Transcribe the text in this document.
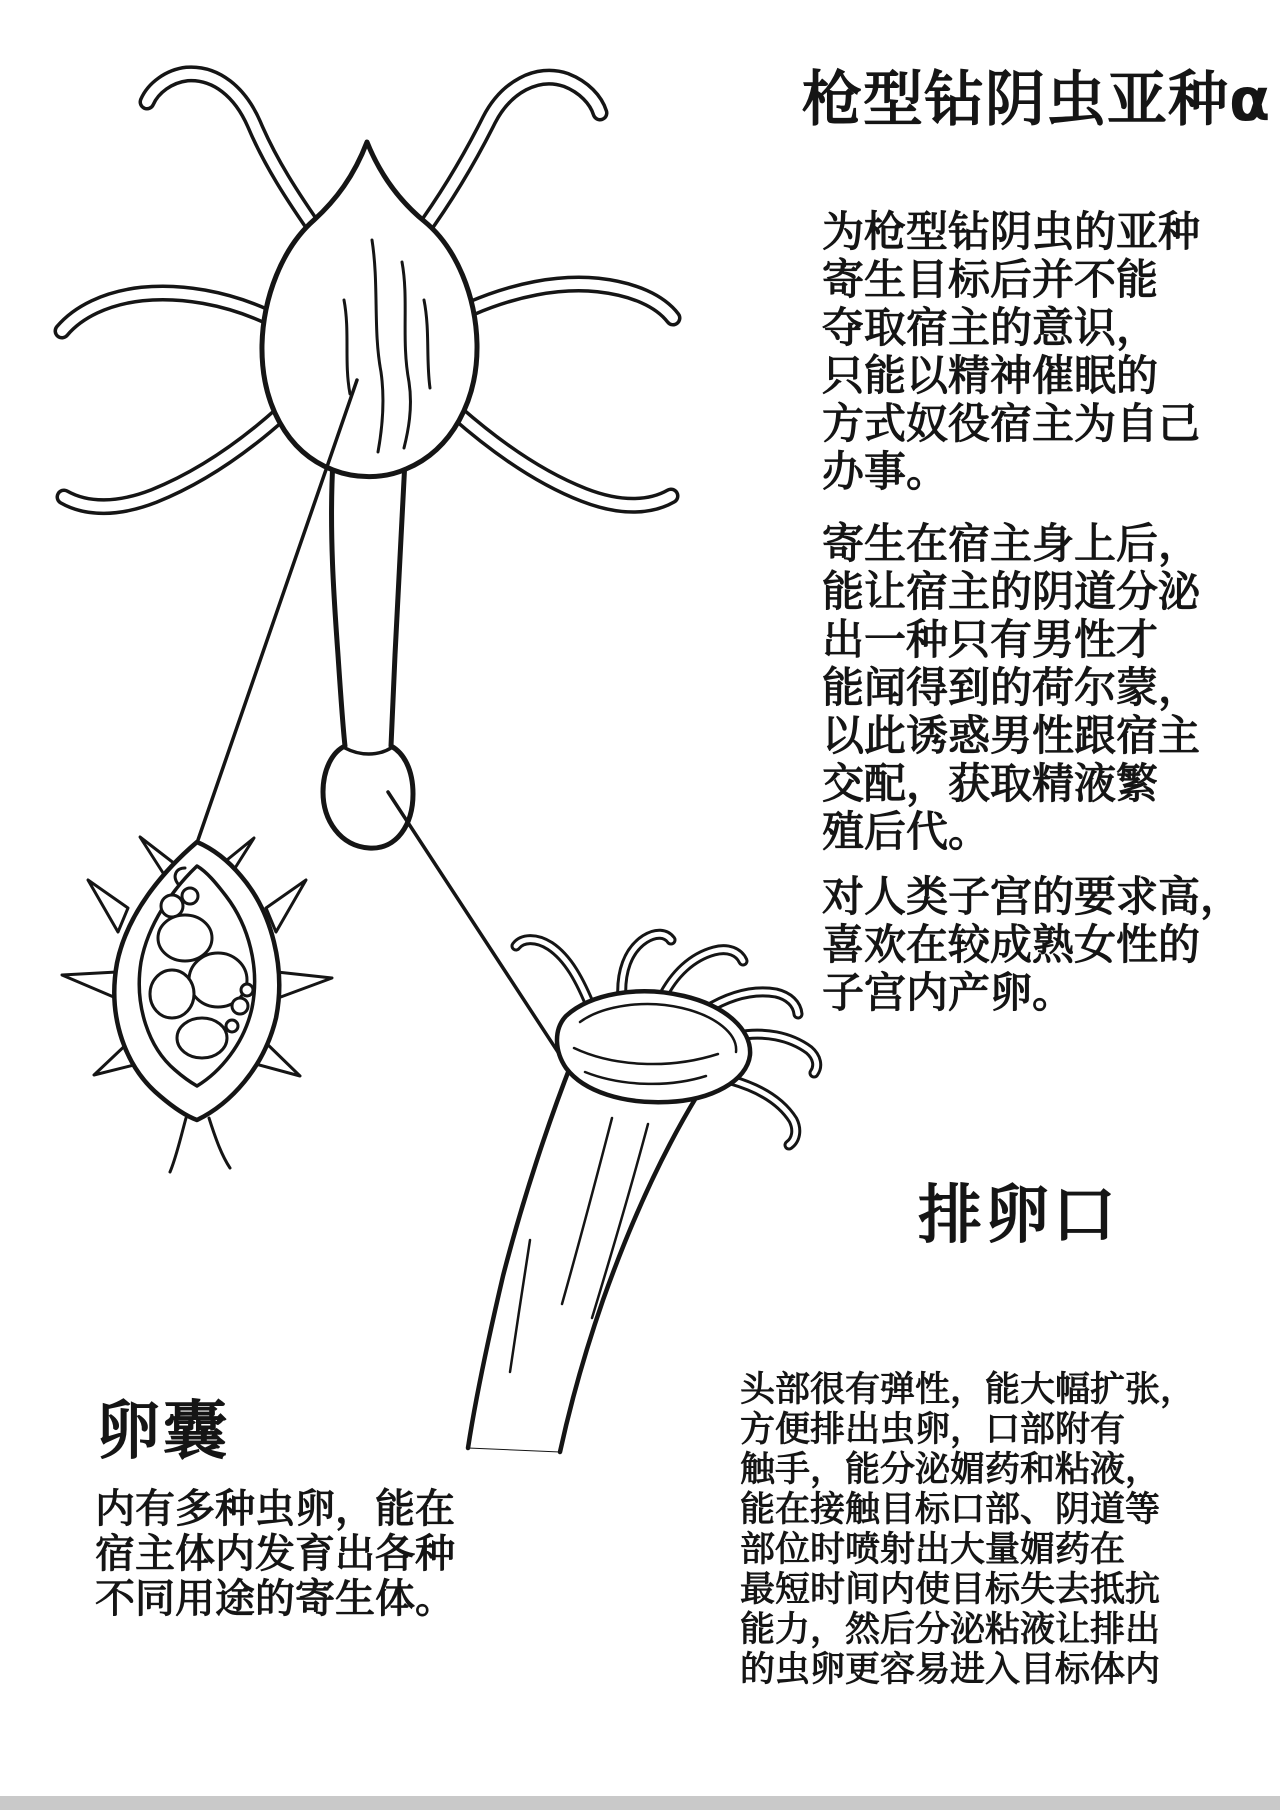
枪型钻阴虫亚种α
为枪型钻阴虫的亚种
寄生目标后并不能
夺取宿主的意识，
只能以精神催眠的
方式奴役宿主为自己
办事。
寄生在宿主身上后，
能让宿主的阴道分泌
出一种只有男性才
能闻得到的荷尔蒙，
以此诱惑男性跟宿主
交配，获取精液繁
殖后代。
对人类子宫的要求高，
喜欢在较成熟女性的
子宫内产卵。
排卵口
头部很有弹性，能大幅扩张，
方便排出虫卵，口部附有
触手，能分泌媚药和粘液，
能在接触目标口部、阴道等
部位时喷射出大量媚药在
最短时间内使目标失去抵抗
能力，然后分泌粘液让排出
的虫卵更容易进入目标体内
卵囊
内有多种虫卵，能在
宿主体内发育出各种
不同用途的寄生体。
